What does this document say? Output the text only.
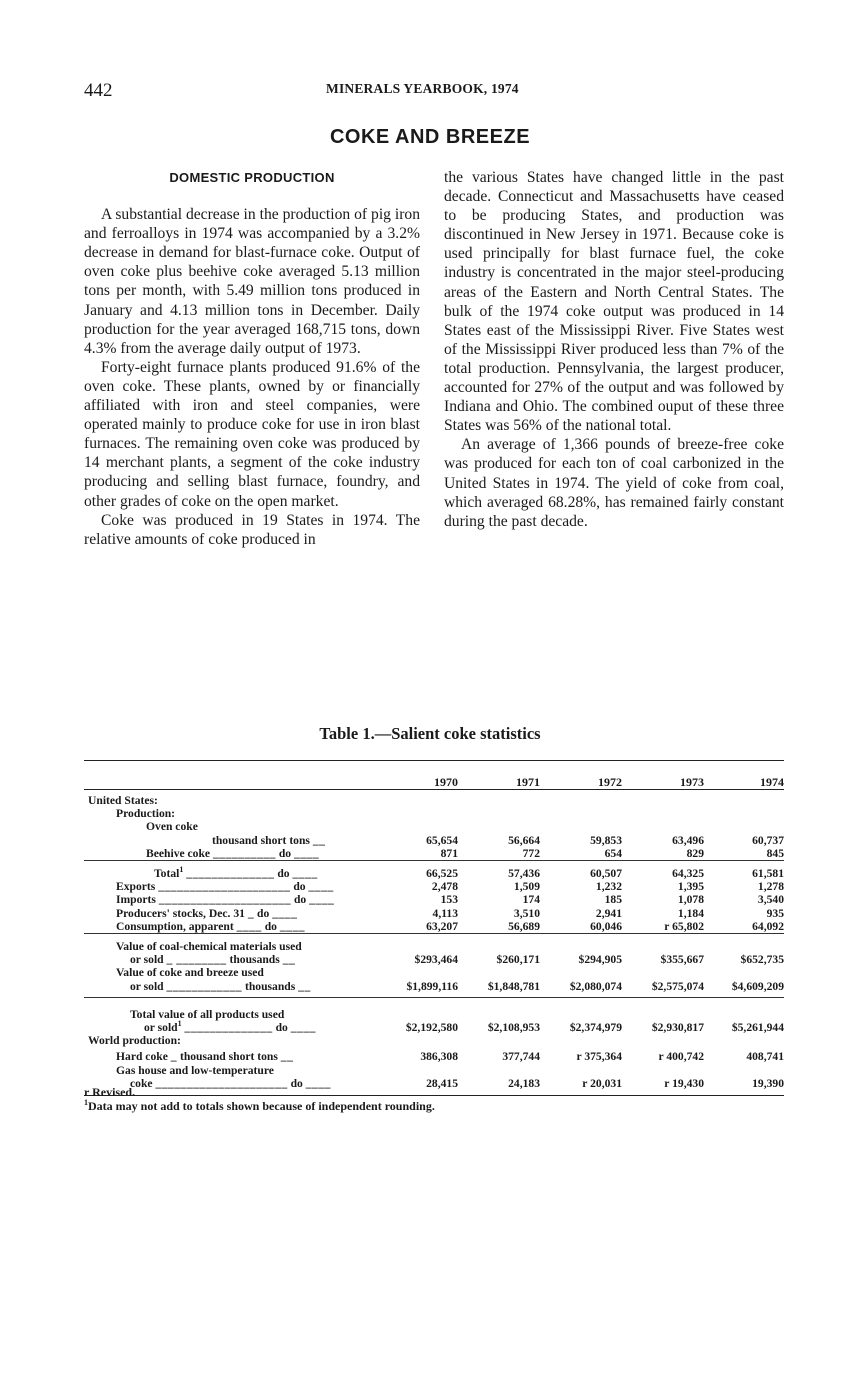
442	MINERALS YEARBOOK, 1974
COKE AND BREEZE
DOMESTIC PRODUCTION

A substantial decrease in the production of pig iron and ferroalloys in 1974 was accompanied by a 3.2% decrease in demand for blast-furnace coke. Output of oven coke plus beehive coke averaged 5.13 million tons per month, with 5.49 million tons produced in January and 4.13 million tons in December. Daily production for the year averaged 168,715 tons, down 4.3% from the average daily output of 1973.

Forty-eight furnace plants produced 91.6% of the oven coke. These plants, owned by or financially affiliated with iron and steel companies, were operated mainly to produce coke for use in iron blast furnaces. The remaining oven coke was produced by 14 merchant plants, a segment of the coke industry producing and selling blast furnace, foundry, and other grades of coke on the open market.

Coke was produced in 19 States in 1974. The relative amounts of coke produced in

the various States have changed little in the past decade. Connecticut and Massachusetts have ceased to be producing States, and production was discontinued in New Jersey in 1971. Because coke is used principally for blast furnace fuel, the coke industry is concentrated in the major steel-producing areas of the Eastern and North Central States. The bulk of the 1974 coke output was produced in 14 States east of the Mississippi River. Five States west of the Mississippi River produced less than 7% of the total production. Pennsylvania, the largest producer, accounted for 27% of the output and was followed by Indiana and Ohio. The combined ouput of these three States was 56% of the national total.

An average of 1,366 pounds of breeze-free coke was produced for each ton of coal carbonized in the United States in 1974. The yield of coke from coal, which averaged 68.28%, has remained fairly constant during the past decade.

Table 1.—Salient coke statistics
	1970	1971	1972	1973	1974

United States:					
Production:					
Oven coke					
thousand short tons __	65,654	56,664	59,853	63,496	60,737
Beehive coke __________ do ____	871	772	654	829	845

Total$^1$ ______________ do ____	66,525	57,436	60,507	64,325	61,581
Exports _____________________ do ____	2,478	1,509	1,232	1,395	1,278
Imports _____________________ do ____	153	174	185	1,078	3,540
Producers' stocks, Dec. 31 _ do ____	4,113	3,510	2,941	1,184	935
Consumption, apparent ____ do ____	63,207	56,689	60,046	r 65,802	64,092

Value of coal-chemical materials used					
or sold _ ________ thousands __	$293,464	$260,171	$294,905	$355,667	$652,735
Value of coke and breeze used					
or sold ____________ thousands __	$1,899,116	$1,848,781	$2,080,074	$2,575,074	$4,609,209

Total value of all products used					
or sold$^1$ ______________ do ____	$2,192,580	$2,108,953	$2,374,979	$2,930,817	$5,261,944
World production:					

Hard coke _ thousand short tons __	386,308	377,744	r 375,364	r 400,742	408,741
Gas house and low-temperature					
coke _____________________ do ____	28,415	24,183	r 20,031	r 19,430	19,390
r Revised.
$^1$Data may not add to totals shown because of independent rounding.
